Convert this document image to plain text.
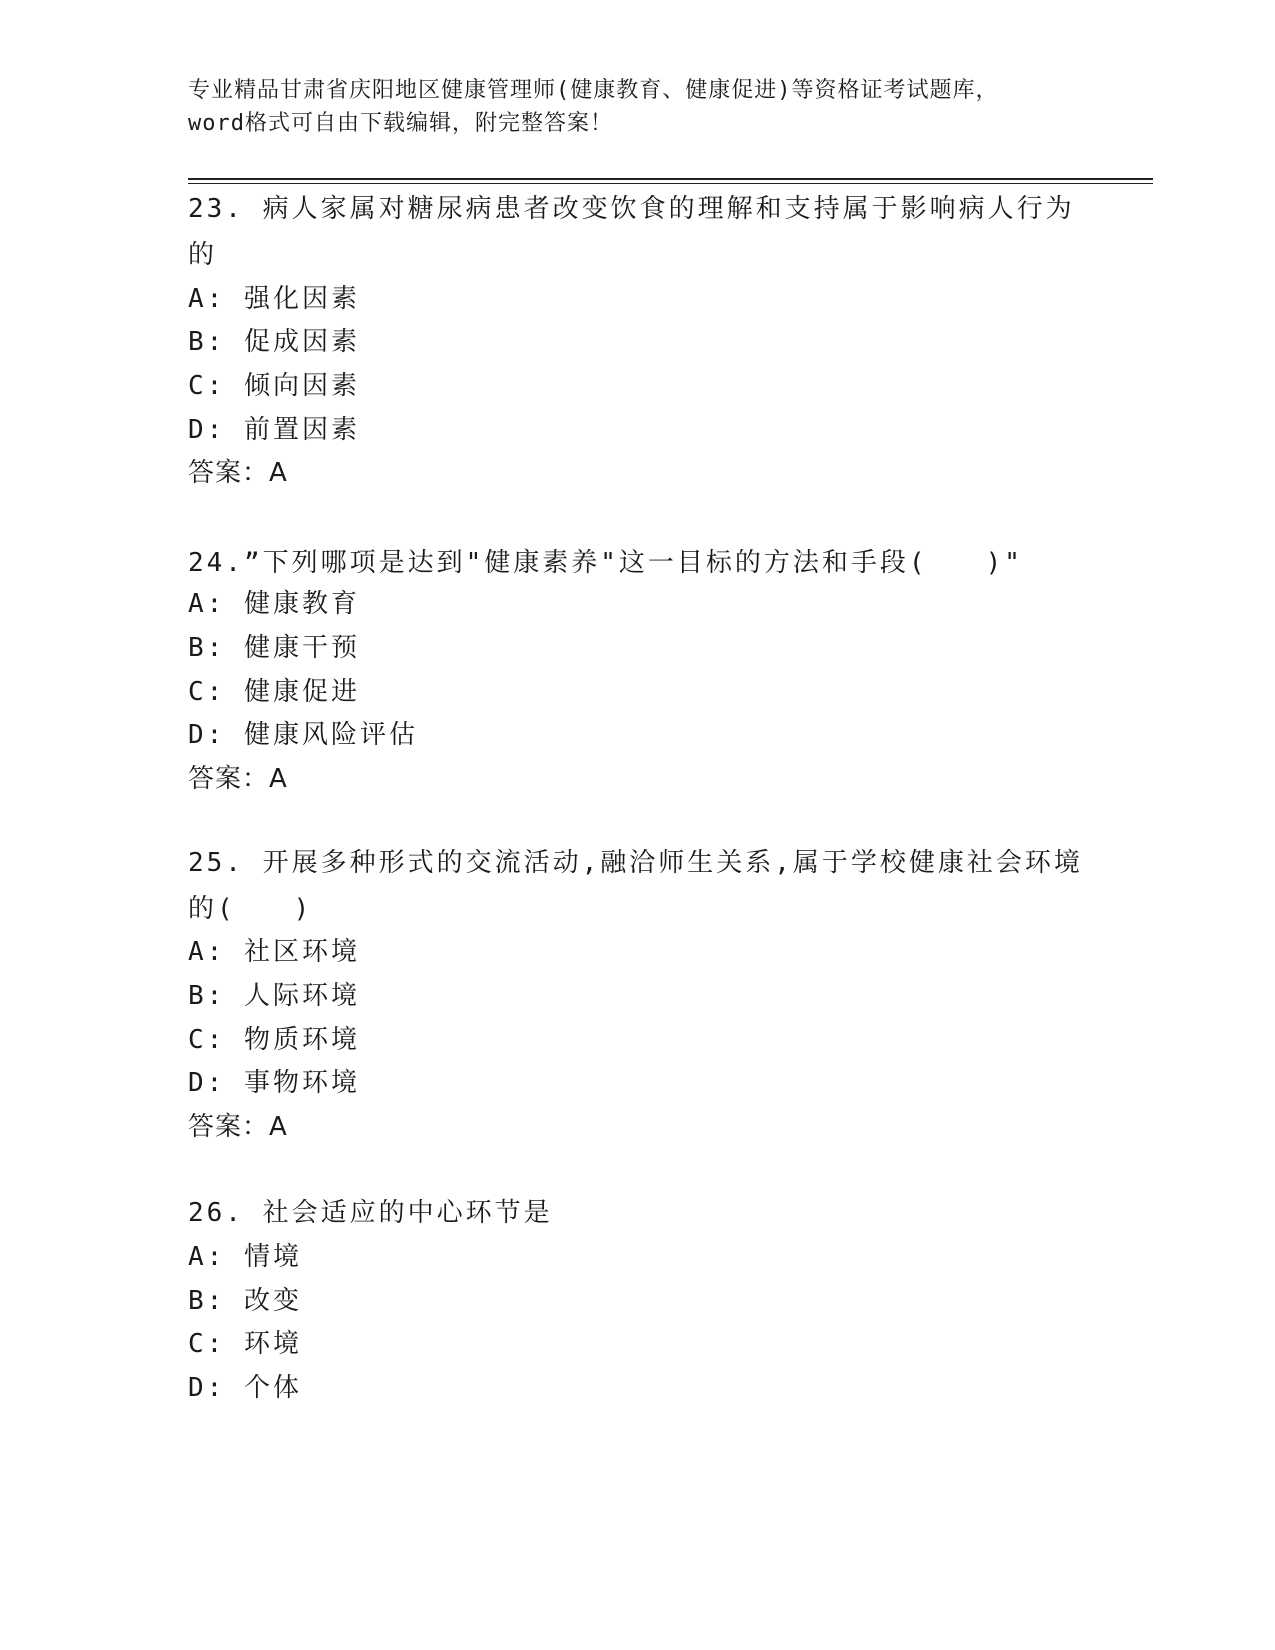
专业精品甘肃省庆阳地区健康管理师(健康教育、健康促进)等资格证考试题库，
word格式可自由下载编辑，附完整答案！
23. 病人家属对糖尿病患者改变饮食的理解和支持属于影响病人行为
的
A: 强化因素
B: 促成因素
C: 倾向因素
D: 前置因素
答案：A
24.”下列哪项是达到"健康素养"这一目标的方法和手段(　　)"
A: 健康教育
B: 健康干预
C: 健康促进
D: 健康风险评估
答案：A
25. 开展多种形式的交流活动,融洽师生关系,属于学校健康社会环境
的(　　)
A: 社区环境
B: 人际环境
C: 物质环境
D: 事物环境
答案：A
26. 社会适应的中心环节是
A: 情境
B: 改变
C: 环境
D: 个体
